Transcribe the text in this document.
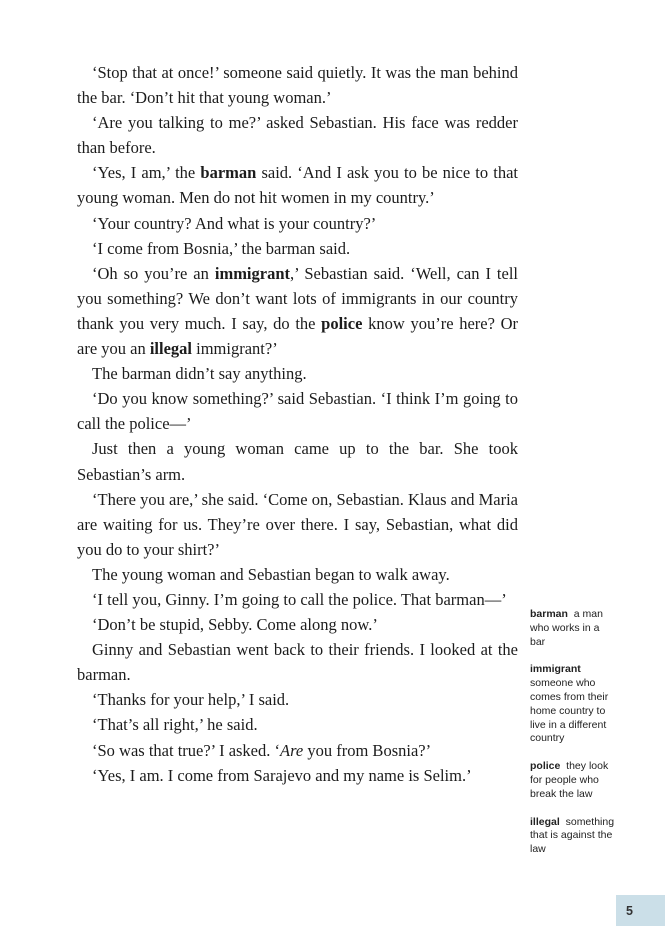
‘Stop that at once!’ someone said quietly. It was the man behind the bar. ‘Don’t hit that young woman.’

‘Are you talking to me?’ asked Sebastian. His face was redder than before.

‘Yes, I am,’ the barman said. ‘And I ask you to be nice to that young woman. Men do not hit women in my country.’

‘Your country? And what is your country?’

‘I come from Bosnia,’ the barman said.

‘Oh so you’re an immigrant,’ Sebastian said. ‘Well, can I tell you something? We don’t want lots of immigrants in our country thank you very much. I say, do the police know you’re here? Or are you an illegal immigrant?’

The barman didn’t say anything.

‘Do you know something?’ said Sebastian. ‘I think I’m going to call the police—’

Just then a young woman came up to the bar. She took Sebastian’s arm.

‘There you are,’ she said. ‘Come on, Sebastian. Klaus and Maria are waiting for us. They’re over there. I say, Sebastian, what did you do to your shirt?’

The young woman and Sebastian began to walk away.

‘I tell you, Ginny. I’m going to call the police. That barman—’

‘Don’t be stupid, Sebby. Come along now.’

Ginny and Sebastian went back to their friends. I looked at the barman.

‘Thanks for your help,’ I said.

‘That’s all right,’ he said.

‘So was that true?’ I asked. ‘Are you from Bosnia?’

‘Yes, I am. I come from Sarajevo and my name is Selim.’

barman  a man who works in a bar
immigrant  someone who comes from their home country to live in a different country
police  they look for people who break the law
illegal  something that is against the law
5
